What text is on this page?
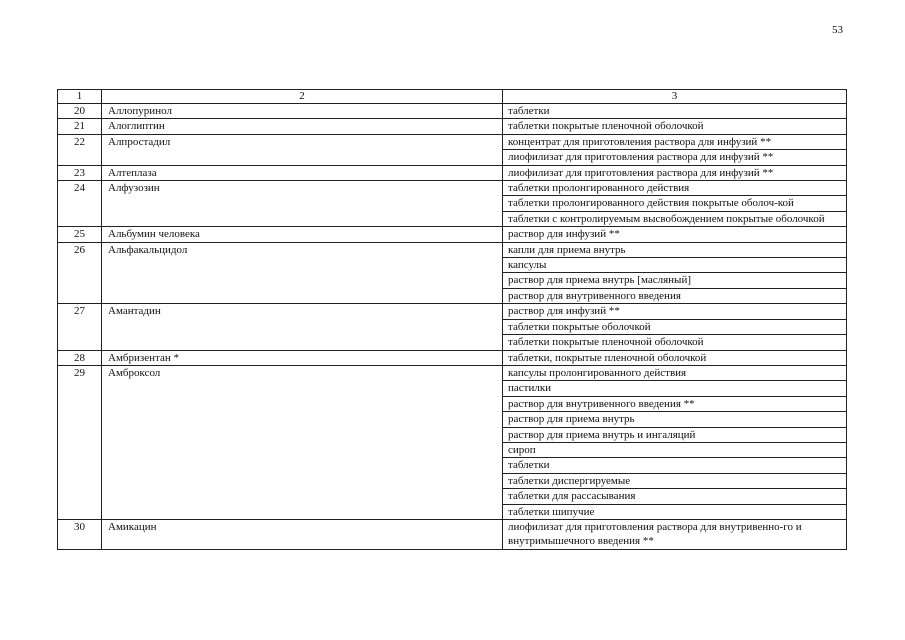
53
1	2	3
20	Аллопуринол	таблетки
21	Алоглиптин	таблетки покрытые пленочной оболочкой
22	Алпростадил	концентрат для приготовления раствора для инфузий **
		лиофилизат для приготовления раствора для инфузий **
23	Алтеплаза	лиофилизат для приготовления раствора для инфузий **
24	Алфузозин	таблетки пролонгированного действия
		таблетки пролонгированного действия покрытые оболоч-кой
		таблетки с контролируемым высвобождением покрытые оболочкой
25	Альбумин человека	раствор для инфузий **
26	Альфакальцидол	капли для приема внутрь
		капсулы
		раствор для приема внутрь [масляный]
		раствор для внутривенного введения
27	Амантадин	раствор для инфузий **
		таблетки покрытые оболочкой
		таблетки покрытые пленочной оболочкой
28	Амбризентан *	таблетки, покрытые пленочной оболочкой
29	Амброксол	капсулы пролонгированного действия
		пастилки
		раствор для внутривенного введения **
		раствор для приема внутрь
		раствор для приема внутрь и ингаляций
		сироп
		таблетки
		таблетки диспергируемые
		таблетки для рассасывания
		таблетки шипучие
30	Амикацин	лиофилизат для приготовления раствора для внутривенно-го и внутримышечного введения **
